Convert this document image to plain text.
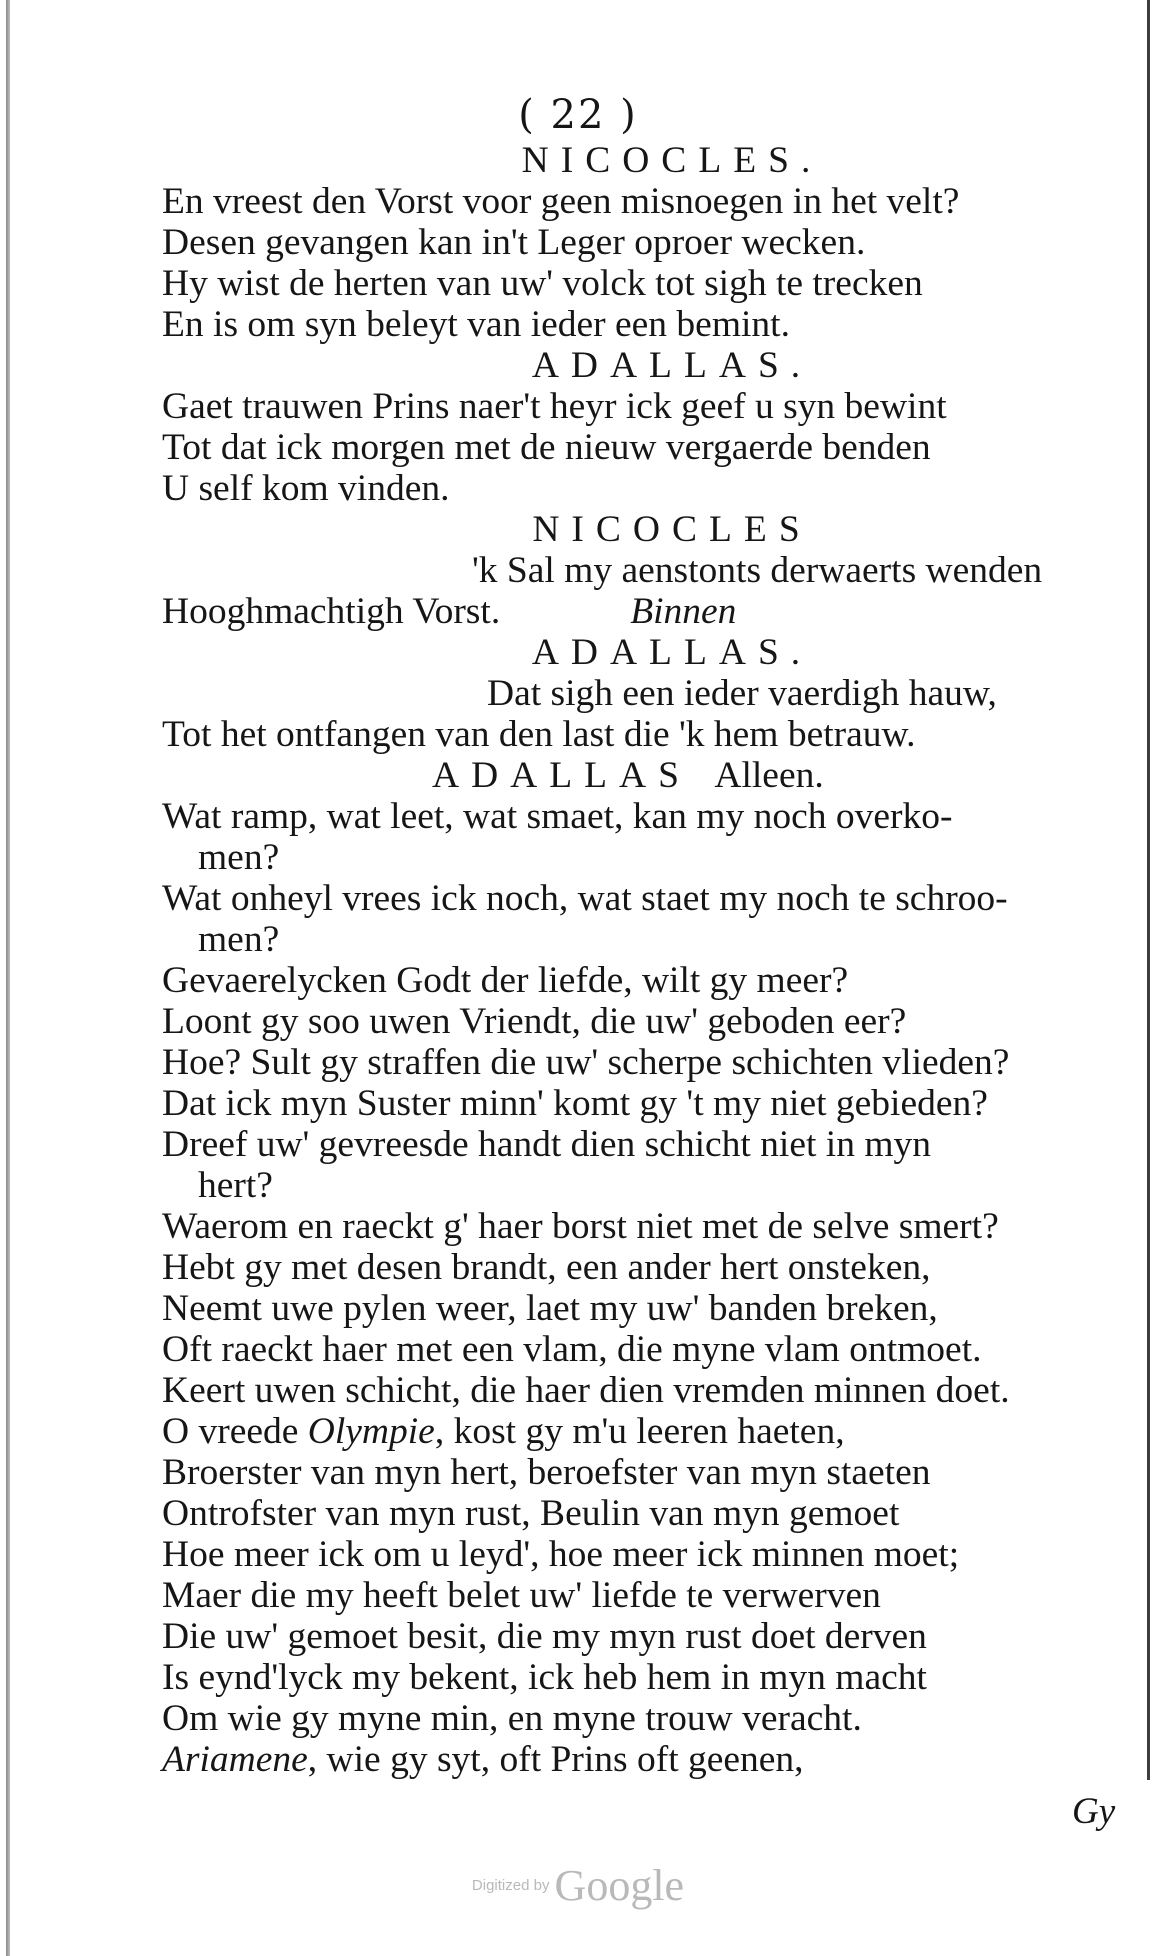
( 22 )
NICOCLES.
En vreest den Vorst voor geen misnoegen in het velt?
Desen gevangen kan in't Leger oproer wecken.
Hy wist de herten van uw' volck tot sigh te trecken
En is om syn beleyt van ieder een bemint.
ADALLAS.
Gaet trauwen Prins naer't heyr ick geef u syn bewint
Tot dat ick morgen met de nieuw vergaerde benden
U self kom vinden.
NICOCLES
'k Sal my aenstonts derwaerts wenden
Hooghmachtigh Vorst.	Binnen
ADALLAS.
Dat sigh een ieder vaerdigh hauw,
Tot het ontfangen van den last die 'k hem betrauw.
ADALLAS Alleen.
Wat ramp, wat leet, wat smaet, kan my noch overko-
men?
Wat onheyl vrees ick noch, wat staet my noch te schroo-
men?
Gevaerelycken Godt der liefde, wilt gy meer?
Loont gy soo uwen Vriendt, die uw' geboden eer?
Hoe? Sult gy straffen die uw' scherpe schichten vlieden?
Dat ick myn Suster minn' komt gy 't my niet gebieden?
Dreef uw' gevreesde handt dien schicht niet in myn
hert?
Waerom en raeckt g' haer borst niet met de selve smert?
Hebt gy met desen brandt, een ander hert onsteken,
Neemt uwe pylen weer, laet my uw' banden breken,
Oft raeckt haer met een vlam, die myne vlam ontmoet.
Keert uwen schicht, die haer dien vremden minnen doet.
O vreede Olympie, kost gy m'u leeren haeten,
Broerster van myn hert, beroefster van myn staeten
Ontrofster van myn rust, Beulin van myn gemoet
Hoe meer ick om u leyd', hoe meer ick minnen moet;
Maer die my heeft belet uw' liefde te verwerven
Die uw' gemoet besit, die my myn rust doet derven
Is eynd'lyck my bekent, ick heb hem in myn macht
Om wie gy myne min, en myne trouw veracht.
Ariamene, wie gy syt, oft Prins oft geenen,
Gy
Digitized by Google
